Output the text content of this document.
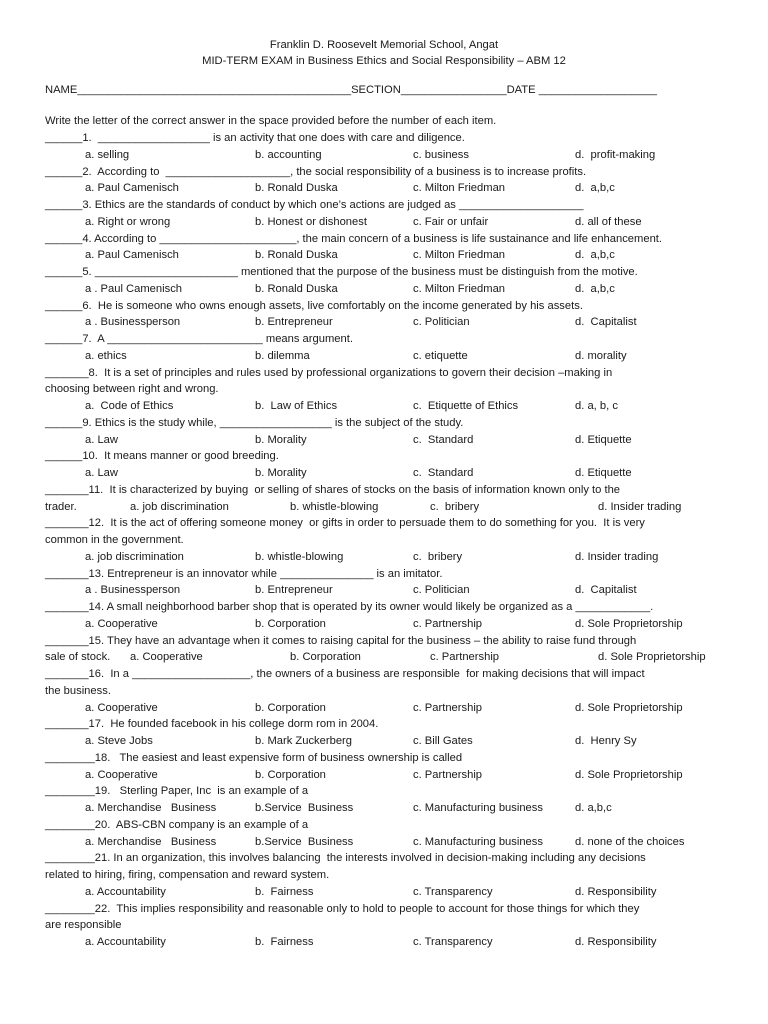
Franklin D. Roosevelt Memorial School, Angat
MID-TERM EXAM in Business Ethics and Social Responsibility – ABM 12
NAME____________________________________________SECTION_________________DATE ___________________
Write the letter of the correct answer in the space provided before the number of each item.
______1.  __________________ is an activity that one does with care and diligence.
a. selling	b. accounting	c. business	d.  profit-making
______2.  According to  ____________________, the social responsibility of a business is to increase profits.
a. Paul Camenisch	b. Ronald Duska	c. Milton Friedman	d.  a,b,c
______3. Ethics are the standards of conduct by which one’s actions are judged as ____________________
a. Right or wrong	b. Honest or dishonest	c. Fair or unfair	d. all of these
______4. According to ______________________, the main concern of a business is life sustainance and life enhancement.
a. Paul Camenisch	b. Ronald Duska	c. Milton Friedman	d.  a,b,c
______5. _______________________ mentioned that the purpose of the business must be distinguish from the motive.
a . Paul Camenisch	b. Ronald Duska	c. Milton Friedman	d.  a,b,c
______6.  He is someone who owns enough assets, live comfortably on the income generated by his assets.
a . Businessperson	b. Entrepreneur	c. Politician	d.  Capitalist
______7.  A _________________________ means argument.
a. ethics	b. dilemma	c. etiquette	d. morality
_______8.  It is a set of principles and rules used by professional organizations to govern their decision –making in
choosing between right and wrong.
a.  Code of Ethics	b.  Law of Ethics	c.  Etiquette of Ethics	d. a, b, c
______9. Ethics is the study while, __________________ is the subject of the study.
a. Law	b. Morality	c.  Standard	d. Etiquette
______10.  It means manner or good breeding.
a. Law	b. Morality	c.  Standard	d. Etiquette
_______11.  It is characterized by buying  or selling of shares of stocks on the basis of information known only to the
trader.	a. job discrimination	b. whistle-blowing	c.  bribery	d. Insider trading
_______12.  It is the act of offering someone money  or gifts in order to persuade them to do something for you.  It is very
common in the government.
a. job discrimination	b. whistle-blowing	c.  bribery	d. Insider trading
_______13. Entrepreneur is an innovator while _______________ is an imitator.
a . Businessperson	b. Entrepreneur	c. Politician	d.  Capitalist
_______14. A small neighborhood barber shop that is operated by its owner would likely be organized as a ____________.
a. Cooperative	b. Corporation	c. Partnership	d. Sole Proprietorship
_______15. They have an advantage when it comes to raising capital for the business – the ability to raise fund through
sale of stock. a. Cooperative	b. Corporation	c. Partnership	d. Sole Proprietorship
_______16.  In a ___________________, the owners of a business are responsible  for making decisions that will impact
the business.
a. Cooperative	b. Corporation	c. Partnership	d. Sole Proprietorship
_______17.  He founded facebook in his college dorm rom in 2004.
a. Steve Jobs	b. Mark Zuckerberg	c. Bill Gates	d.  Henry Sy
________18.   The easiest and least expensive form of business ownership is called
a. Cooperative	b. Corporation	c. Partnership	d. Sole Proprietorship
________19.   Sterling Paper, Inc  is an example of a
a. Merchandise   Business	b.Service  Business	c. Manufacturing business	d. a,b,c
________20.  ABS-CBN company is an example of a
a. Merchandise   Business	b.Service  Business	c. Manufacturing business	d. none of the choices
________21. In an organization, this involves balancing  the interests involved in decision-making including any decisions
related to hiring, firing, compensation and reward system.
a. Accountability	b.  Fairness	c. Transparency	d. Responsibility
________22.  This implies responsibility and reasonable only to hold to people to account for those things for which they
are responsible
a. Accountability	b.  Fairness	c. Transparency	d. Responsibility
